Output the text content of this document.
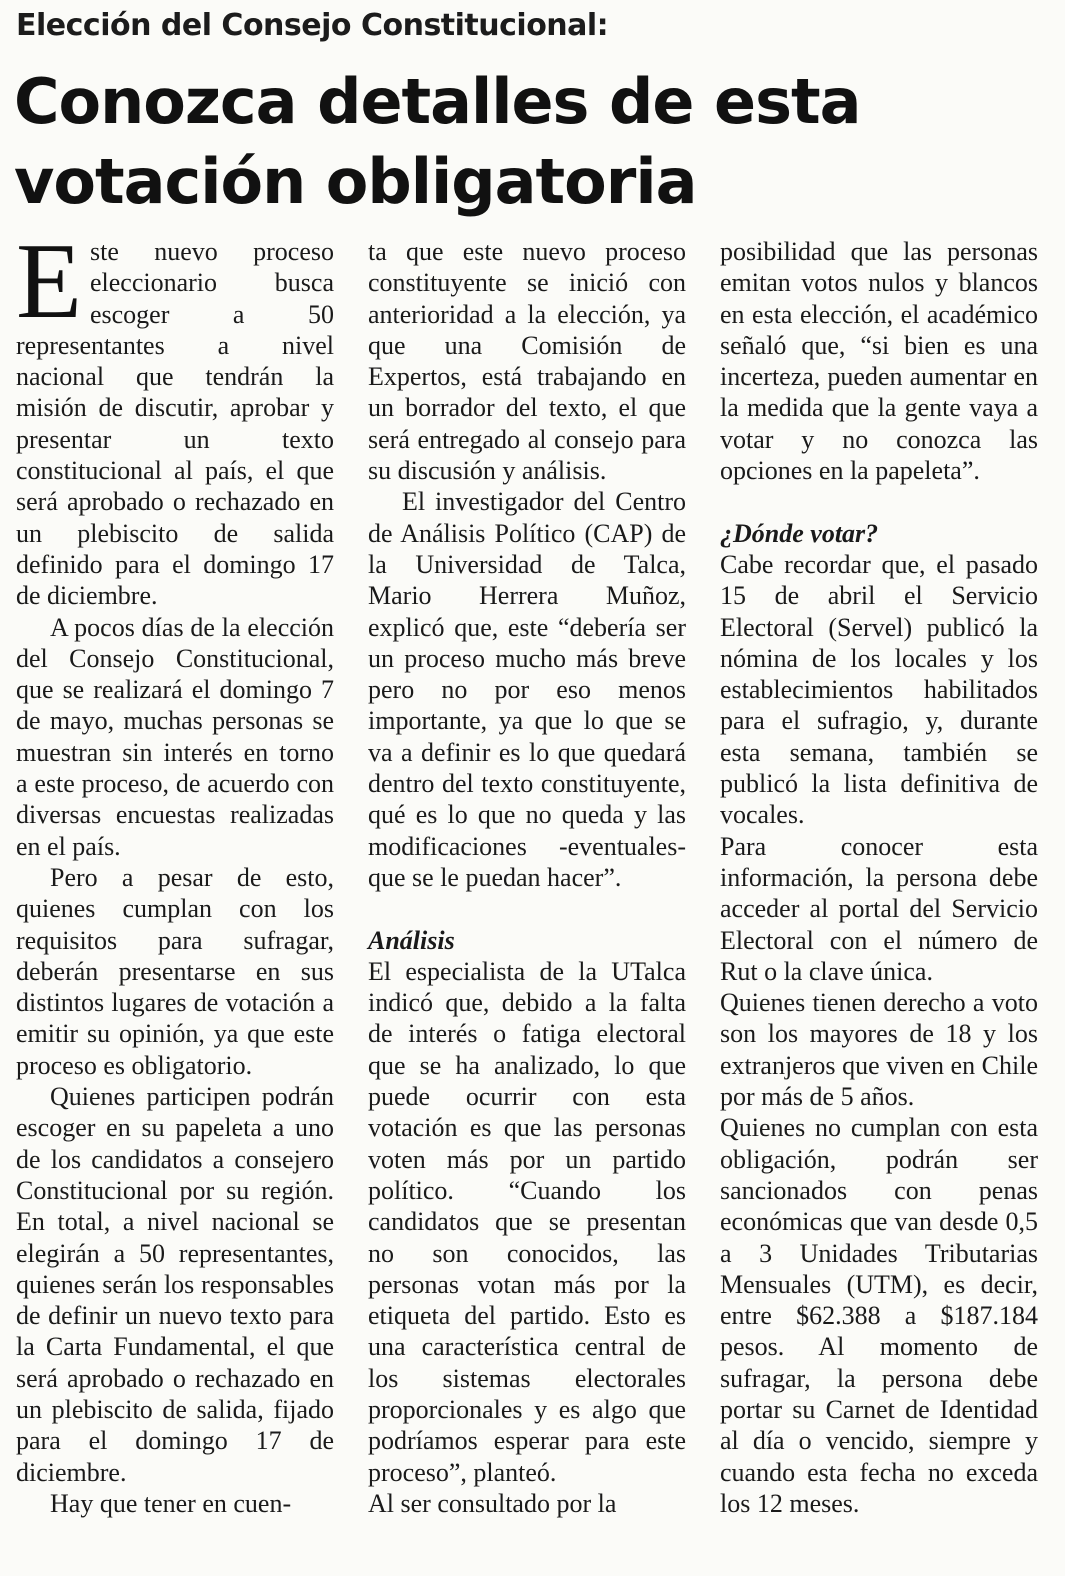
Elección del Consejo Constitucional:
Conozca detalles de esta votación obligatoria

Este nuevo proceso eleccionario busca escoger a 50 representantes a nivel nacional que tendrán la misión de discutir, aprobar y presentar un texto constitucional al país, el que será aprobado o rechazado en un plebiscito de salida definido para el domingo 17 de diciembre.

A pocos días de la elección del Consejo Constitucional, que se realizará el domingo 7 de mayo, muchas personas se muestran sin interés en torno a este proceso, de acuerdo con diversas encuestas realizadas en el país.

Pero a pesar de esto, quienes cumplan con los requisitos para sufragar, deberán presentarse en sus distintos lugares de votación a emitir su opinión, ya que este proceso es obligatorio.

Quienes participen podrán escoger en su papeleta a uno de los candidatos a consejero Constitucional por su región. En total, a nivel nacional se elegirán a 50 representantes, quienes serán los responsables de definir un nuevo texto para la Carta Fundamental, el que será aprobado o rechazado en un plebiscito de salida, fijado para el domingo 17 de diciembre.

Hay que tener en cuen-

ta que este nuevo proceso constituyente se inició con anterioridad a la elección, ya que una Comisión de Expertos, está trabajando en un borrador del texto, el que será entregado al consejo para su discusión y análisis.

El investigador del Centro de Análisis Político (CAP) de la Universidad de Talca, Mario Herrera Muñoz, explicó que, este “debería ser un proceso mucho más breve pero no por eso menos importante, ya que lo que se va a definir es lo que quedará dentro del texto constituyente, qué es lo que no queda y las modificaciones -eventuales- que se le puedan hacer”.

Análisis

El especialista de la UTalca indicó que, debido a la falta de interés o fatiga electoral que se ha analizado, lo que puede ocurrir con esta votación es que las personas voten más por un partido político. “Cuando los candidatos que se presentan no son conocidos, las personas votan más por la etiqueta del partido. Esto es una característica central de los sistemas electorales proporcionales y es algo que podríamos esperar para este proceso”, planteó.

Al ser consultado por la

posibilidad que las personas emitan votos nulos y blancos en esta elección, el académico señaló que, “si bien es una incerteza, pueden aumentar en la medida que la gente vaya a votar y no conozca las opciones en la papeleta”.

¿Dónde votar?

Cabe recordar que, el pasado 15 de abril el Servicio Electoral (Servel) publicó la nómina de los locales y los establecimientos habilitados para el sufragio, y, durante esta semana, también se publicó la lista definitiva de vocales.

Para conocer esta información, la persona debe acceder al portal del Servicio Electoral con el número de Rut o la clave única.

Quienes tienen derecho a voto son los mayores de 18 y los extranjeros que viven en Chile por más de 5 años.

Quienes no cumplan con esta obligación, podrán ser sancionados con penas económicas que van desde 0,5 a 3 Unidades Tributarias Mensuales (UTM), es decir, entre $62.388 a $187.184 pesos. Al momento de sufragar, la persona debe portar su Carnet de Identidad al día o vencido, siempre y cuando esta fecha no exceda los 12 meses.
